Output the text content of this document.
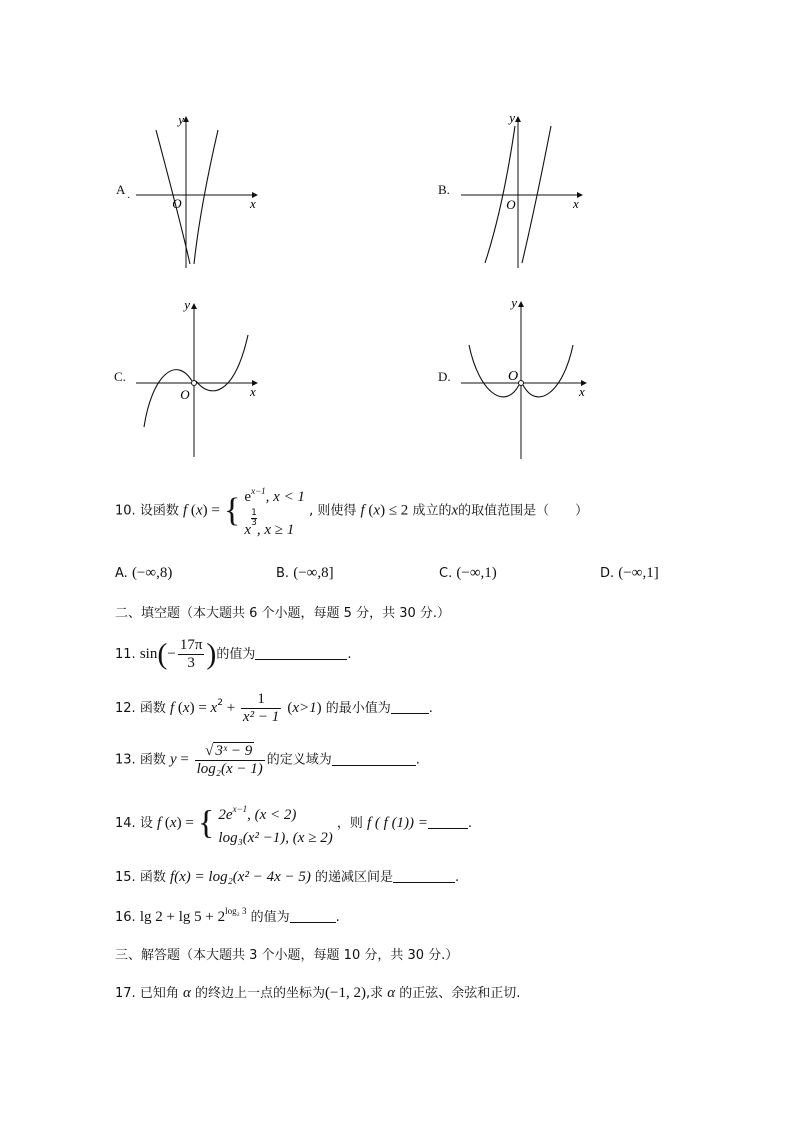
A $_.$
y
O	x
B.
y
O	x
C.
y
O	x
D.
y
O
x
10. 设函数 f (x) = { $e^{x-1}$, x < 1
x
$\frac{1}{3}$
, x ≥ 1
, 则使得 f (x) ≤ 2 成立的x的取值范围是（　　）
A. (−∞,8)	B. (−∞,8]	C. (−∞,1)	D. (−∞,1]
二、填空题（本大题共 6 个小题，每题 5 分，共 30 分.）
11. $\sin(- \frac{17\pi}{3}$ )的值为	.
12. 函数 f $(x) = x^2 + \frac{1}{\text{x² − 1}} (x>1)$ 的最小值为	.
13. 函数 $y = \frac{\text{√ 3ˣ − 9}}{\text{log₂(x − 1)}}$ 的定义域为	.
14. 设 f (x) = { $2e^{x-1}$, (x < 2)
log₃(x² −1), (x ≥ 2)
，则 f ( f (1)) =	.
15. 函数 f(x) = log₂(x² − 4x − 5) 的递减区间是	.
16. $\lg 2 + \lg 5 + 2^{log_2 3}$ 的值为	.
三、解答题（本大题共 3 个小题，每题 10 分，共 30 分.）
17. 已知角 α 的终边上一点的坐标为(−1, 2),求 α 的正弦、余弦和正切.
